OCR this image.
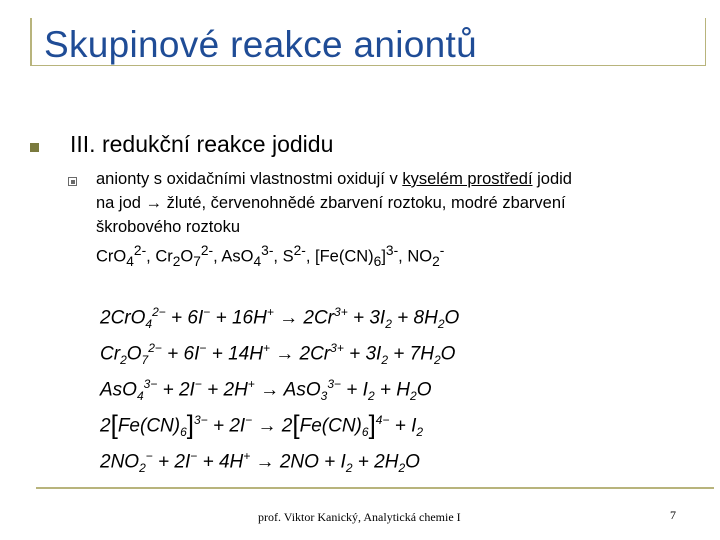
Skupinové reakce aniontů
III. redukční reakce jodidu
anionty s oxidačními vlastnostmi oxidují v kyselém prostředí jodid
na jod → žluté, červenohnědé zbarvení roztoku, modré zbarvení
škrobového roztoku
CrO$_4^{2-}$, $Cr_2O_7^{2-}$, AsO$_4^{3-}$, $S^{2-}$, $[Fe(CN)_6]^{3-}$, $NO_2^-$
$2CrO_4^{2-} + 6I^- + 16H^+ \to 2Cr^{3+} + 3I_2 + 8H_2O$
$Cr_2O_7^{2-} + 6I^- + 14H^+ \to 2Cr^{3+} + 3I_2 + 7H_2O$
$AsO_4^{3-} + 2I^- + 2H^+ \to AsO_3^{3-} + I_2 + H_2O$
$2[Fe(CN)_6]^{3-} + 2I^- \to 2[Fe(CN)_6]^{4-} + I_2$
$2NO_2^- + 2I^- + 4H^+ \to 2NO + I_2 + 2H_2O$
prof. Viktor Kanický, Analytická chemie I	7
